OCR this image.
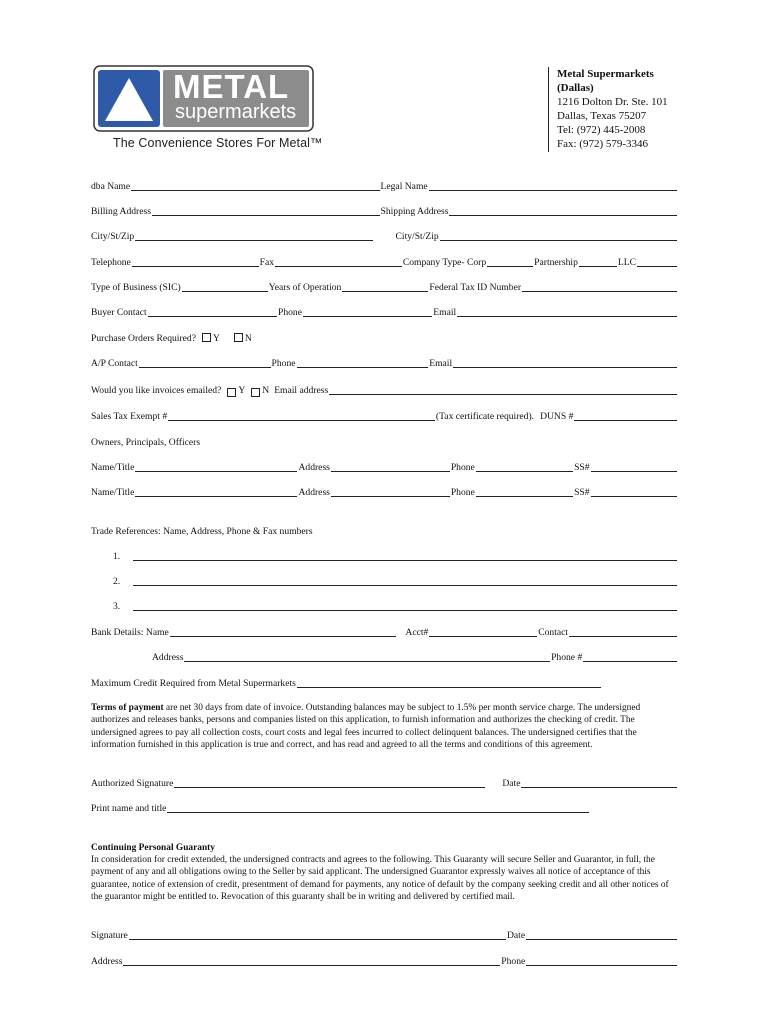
METAL
supermarkets
The Convenience Stores For Metal™
Metal Supermarkets
(Dallas)
1216 Dolton Dr. Ste. 101
Dallas, Texas 75207
Tel: (972) 445-2008
Fax: (972) 579-3346
dba Name	Legal Name
Billing Address	Shipping Address
City/St/Zip	City/St/Zip
Telephone	Fax	Company Type- Corp	Partnership	LLC
Type of Business (SIC)	Years of Operation	Federal Tax ID Number
Buyer Contact	Phone	Email
Purchase Orders Required? Y	N
A/P Contact	Phone	Email
Would you like invoices emailed? Y N Email address
Sales Tax Exempt #	(Tax certificate required). DUNS #
Owners, Principals, Officers
Name/Title	Address	Phone	SS#
Name/Title	Address	Phone	SS#
Trade References: Name, Address, Phone & Fax numbers
1.
2.
3.
Bank Details: Name	Acct#	Contact
Address	Phone #
Maximum Credit Required from Metal Supermarkets
Terms of payment are net 30 days from date of invoice. Outstanding balances may be subject to 1.5% per month service charge. The undersigned authorizes and releases banks, persons and companies listed on this application, to furnish information and authorizes the checking of credit. The undersigned agrees to pay all collection costs, court costs and legal fees incurred to collect delinquent balances. The undersigned certifies that the information furnished in this application is true and correct, and has read and agreed to all the terms and conditions of this agreement.
Authorized Signature	Date
Print name and title
Continuing Personal Guaranty
In consideration for credit extended, the undersigned contracts and agrees to the following. This Guaranty will secure Seller and Guarantor, in full, the payment of any and all obligations owing to the Seller by said applicant. The undersigned Guarantor expressly waives all notice of acceptance of this guarantee, notice of extension of credit, presentment of demand for payments, any notice of default by the company seeking credit and all other notices of the guarantor might be entitled to. Revocation of this guaranty shall be in writing and delivered by certified mail.
Signature	Date
Address	Phone
